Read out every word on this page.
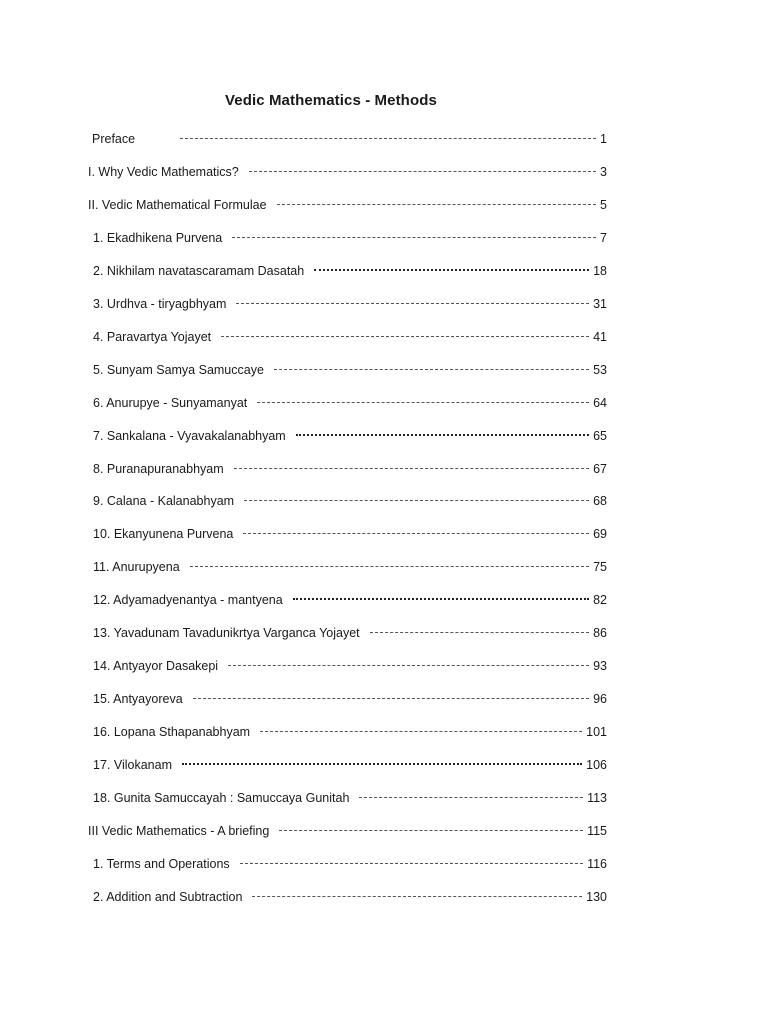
Vedic Mathematics - Methods
Preface	1
I. Why Vedic Mathematics?	3
II. Vedic Mathematical Formulae	5
1. Ekadhikena Purvena	7
2. Nikhilam navatascaramam Dasatah	18
3. Urdhva - tiryagbhyam	31
4. Paravartya Yojayet	41
5. Sunyam Samya Samuccaye	53
6. Anurupye - Sunyamanyat	64
7. Sankalana - Vyavakalanabhyam	65
8. Puranapuranabhyam	67
9. Calana - Kalanabhyam	68
10. Ekanyunena Purvena	69
11. Anurupyena	75
12. Adyamadyenantya - mantyena	82
13. Yavadunam Tavadunikrtya Varganca Yojayet	86
14. Antyayor Dasakepi	93
15. Antyayoreva	96
16. Lopana Sthapanabhyam	101
17. Vilokanam	106
18. Gunita Samuccayah : Samuccaya Gunitah	113
III Vedic Mathematics - A briefing	115
1. Terms and Operations	116
2. Addition and Subtraction	130
